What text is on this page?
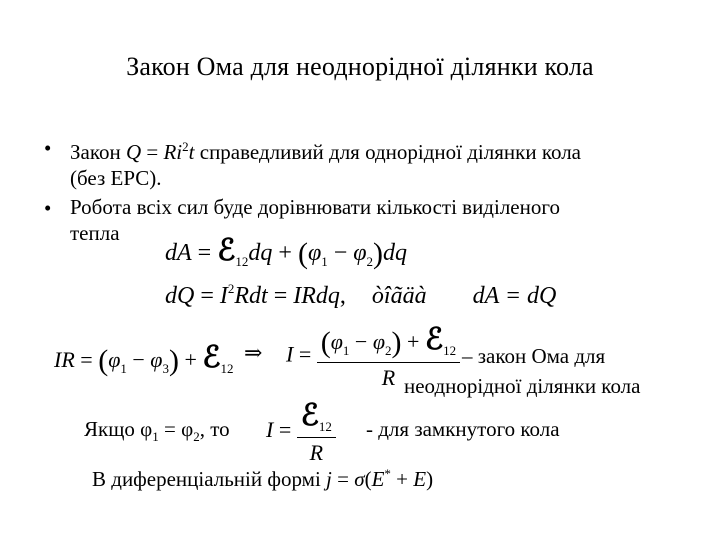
Закон Ома для неоднорідної ділянки кола
• Закон $Q = Ri^2t$ справедливий для однорідної ділянки кола
(без ЕРС).
• Робота всіх сил буде дорівнювати кількості виділеного
тепла
dA = ℰ$_{12}$dq + $(\varphi_1 - \varphi_2)dq$
dQ = $I^2Rdt$ = IRdq, òîãäà dA = dQ
IR = $(\varphi_1 - \varphi_3)$ + ℰ$_{12}$
⇒ $I = \frac{(\varphi_1 - \varphi_2) + ℰ_{12}}{R}$ – закон Ома для
неоднорідної ділянки кола
Якщо $\varphi_1 = \varphi_2$, то $I = \frac{ℰ_{12}}{R}$ - для замкнутого кола
В диференціальній формі j = σ(E* + E)
